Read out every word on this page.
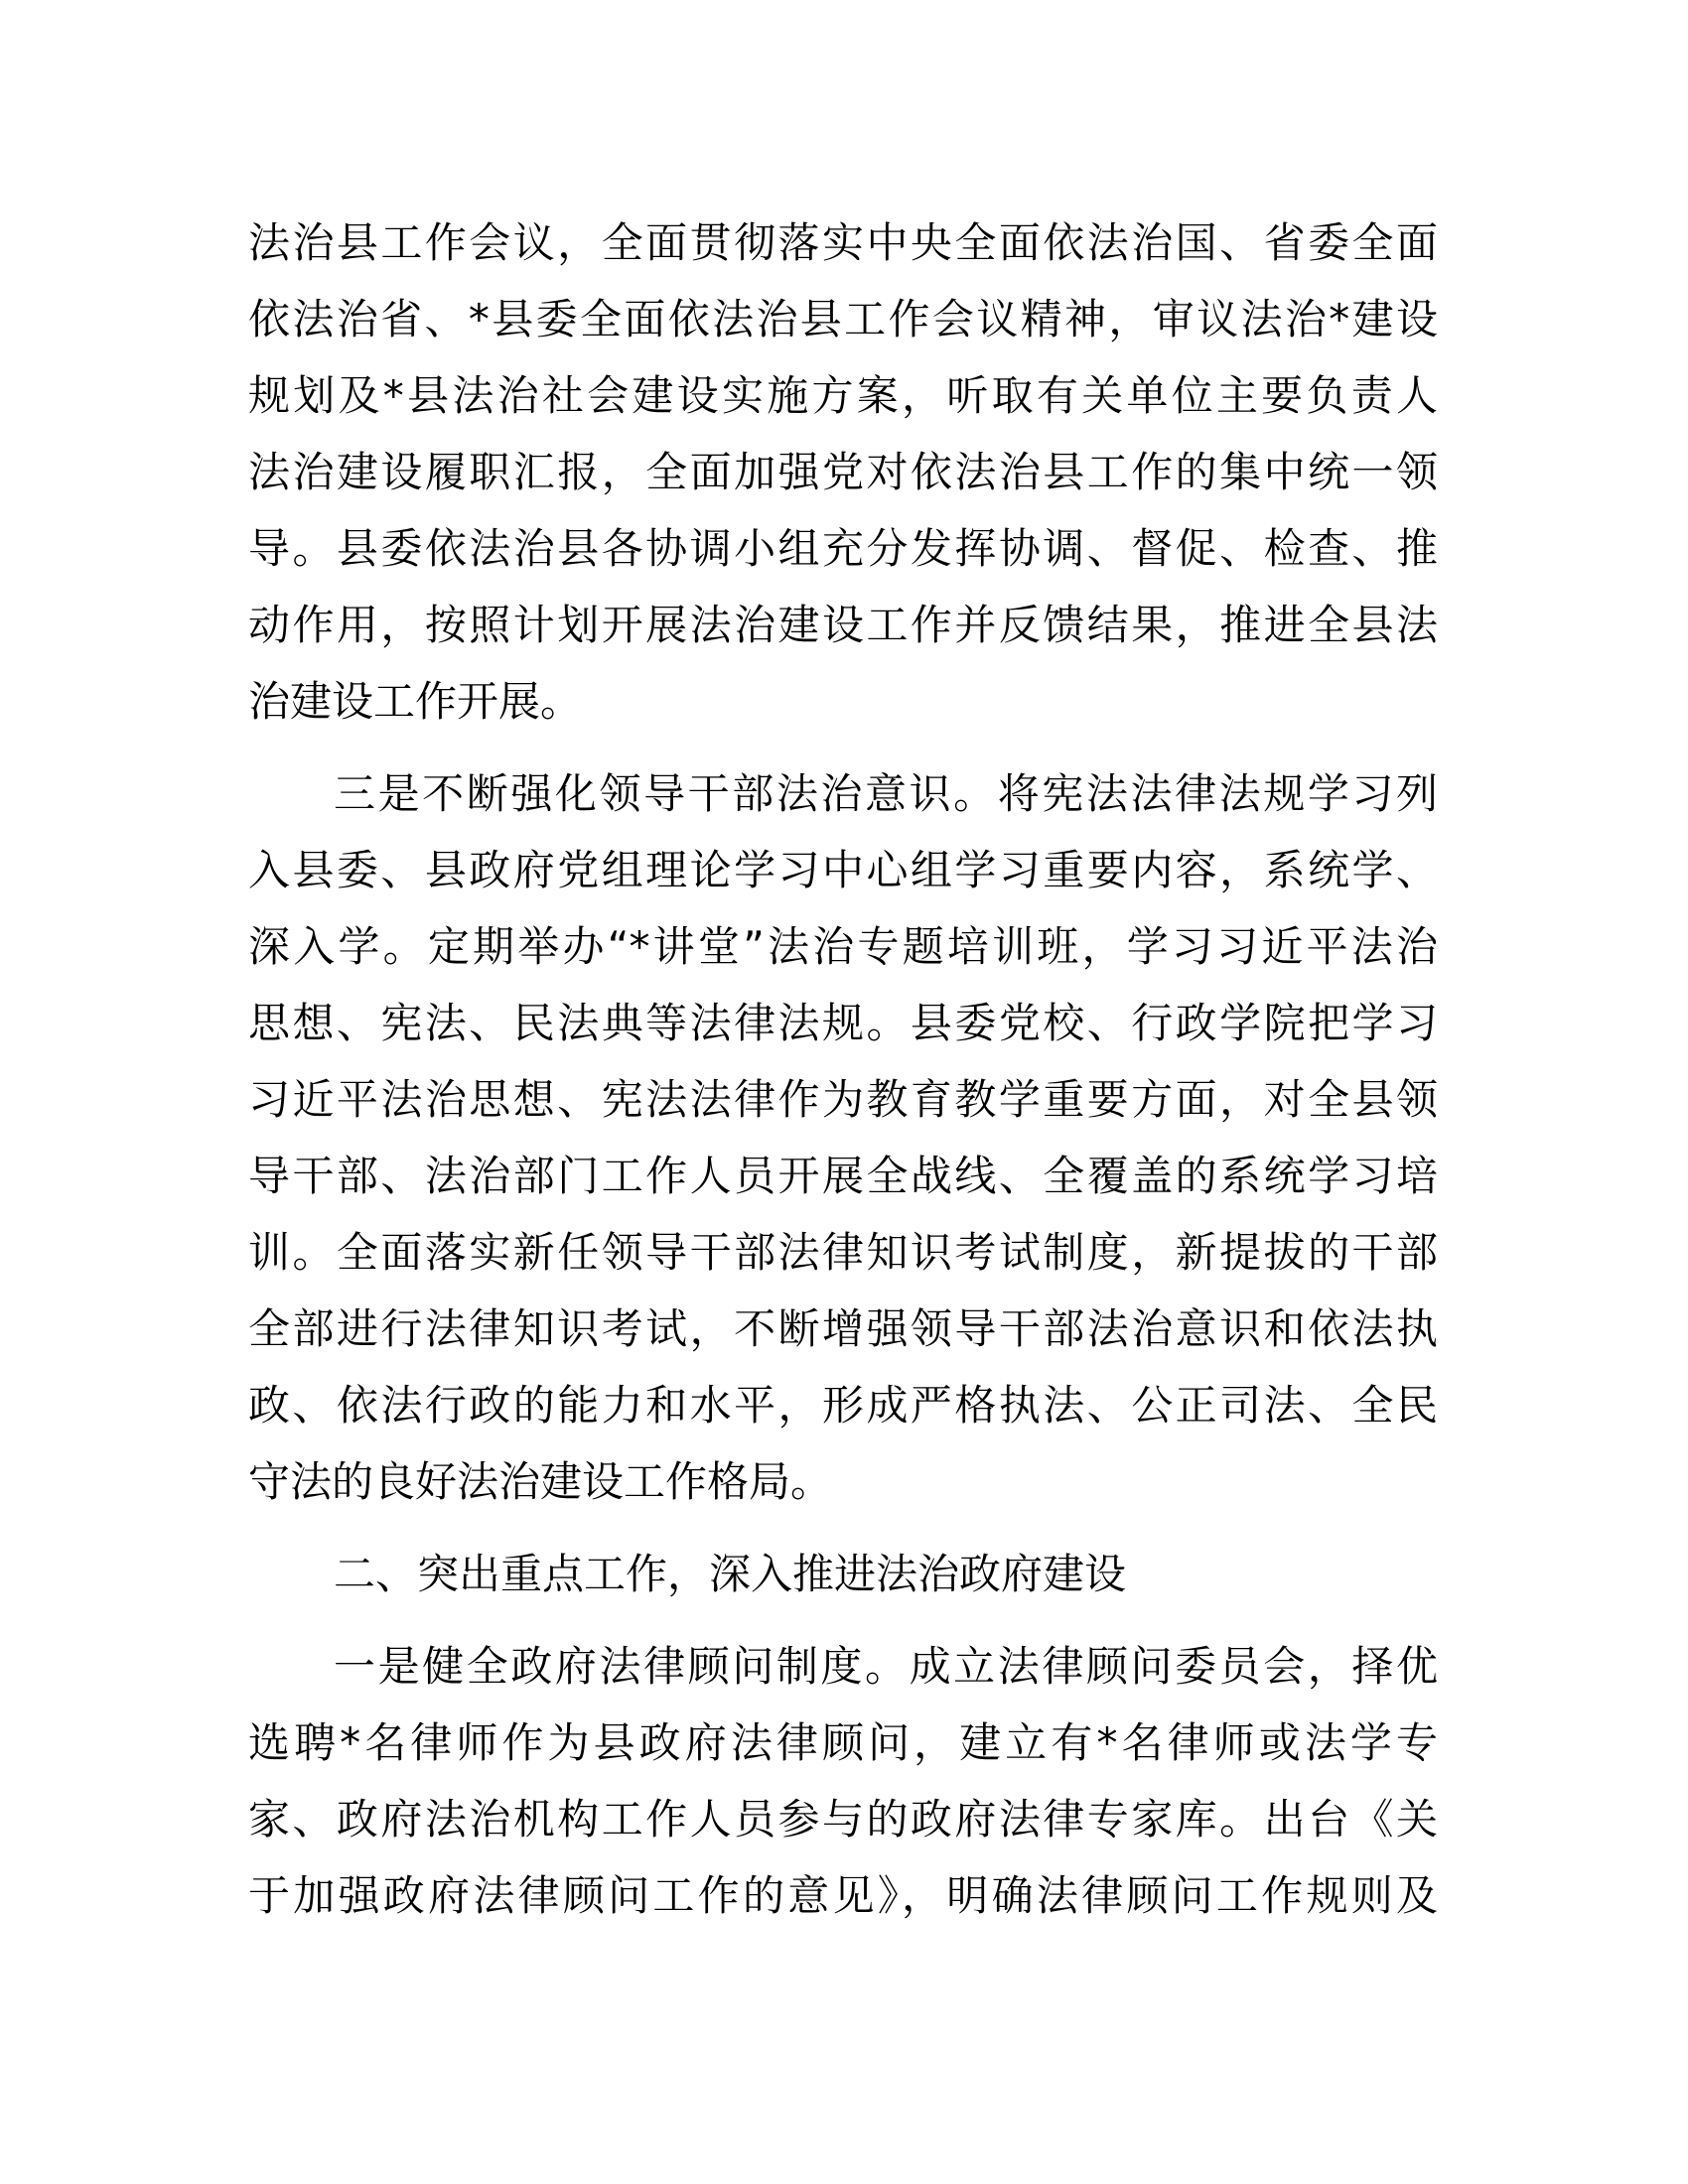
法治县工作会议，全面贯彻落实中央全面依法治国、省委全面
依法治省、*县委全面依法治县工作会议精神，审议法治*建设
规划及*县法治社会建设实施方案，听取有关单位主要负责人
法治建设履职汇报，全面加强党对依法治县工作的集中统一领
导。县委依法治县各协调小组充分发挥协调、督促、检查、推
动作用，按照计划开展法治建设工作并反馈结果，推进全县法
治建设工作开展。
三是不断强化领导干部法治意识。将宪法法律法规学习列
入县委、县政府党组理论学习中心组学习重要内容，系统学、
深入学。定期举办“*讲堂”法治专题培训班，学习习近平法治
思想、宪法、民法典等法律法规。县委党校、行政学院把学习
习近平法治思想、宪法法律作为教育教学重要方面，对全县领
导干部、法治部门工作人员开展全战线、全覆盖的系统学习培
训。全面落实新任领导干部法律知识考试制度，新提拔的干部
全部进行法律知识考试，不断增强领导干部法治意识和依法执
政、依法行政的能力和水平，形成严格执法、公正司法、全民
守法的良好法治建设工作格局。
二、突出重点工作，深入推进法治政府建设
一是健全政府法律顾问制度。成立法律顾问委员会，择优
选聘*名律师作为县政府法律顾问，建立有*名律师或法学专
家、政府法治机构工作人员参与的政府法律专家库。出台《关
于加强政府法律顾问工作的意见》，明确法律顾问工作规则及
